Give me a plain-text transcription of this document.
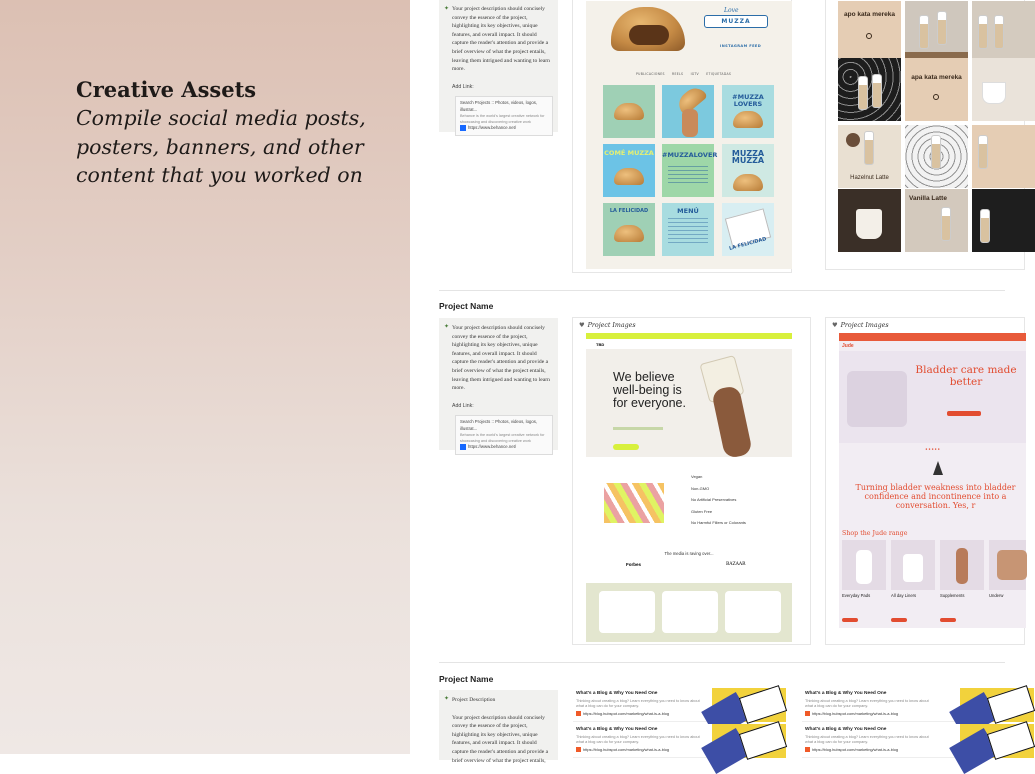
Creative Assets
Compile social media posts, posters, banners, and other content that you worked on
✦ Your project description should concisely convey the essence of the project, highlighting its key objectives, unique features, and overall impact. It should capture the reader's attention and provide a brief overview of what the project entails, leaving them intrigued and wanting to learn more.
Add Link:
Search Projects :: Photos, videos, logos, illustrat...
Behance is the world's largest creative network for showcasing and discovering creative work
https://www.behance.net/
Love
MUZZA
INSTAGRAM FEED
PUBLICACIONES REELS IGTV ETIQUETADAS
#MUZZA LOVERS
COMÉ MUZZA #MUZZALOVER	MUZZA MUZZA
LA FELICIDAD	MENÚ
LA FELICIDAD
apo kata mereka
apa kata mereka
Hazelnut Latte
Vanilla Latte
Project Name
✦ Your project description should concisely convey the essence of the project, highlighting its key objectives, unique features, and overall impact. It should capture the reader's attention and provide a brief overview of what the project entails, leaving them intrigued and wanting to learn more.
Add Link:
Search Projects :: Photos, videos, logos, illustrat...
Behance is the world's largest creative network for showcasing and discovering creative work
https://www.behance.net/
♥ Project Images
TBD
We believe well-being is for everyone.
Vegan
Non-GMO
No Artificial Preservatives
Gluten Free
No Harmful Fillers or Colorants
The media is raving over...
Forbes	BAZAAR
♥ Project Images
Jude
Bladder care made better
● ● ● ● ●
Turning bladder weakness into bladder confidence and incontinence into a conversation. Yes, r
Shop the Jude range
Everyday Pads	All day Liners	Supplements	Underw
Project Name
✦ Project Description
Your project description should concisely convey the essence of the project, highlighting its key objectives, unique features, and overall impact. It should capture the reader's attention and provide a brief overview of what the project entails,
What's a Blog & Why You Need One
Thinking about creating a blog? Learn everything you need to know about what a blog can do for your company.
https://blog.hubspot.com/marketing/what-is-a-blog
What's a Blog & Why You Need One
Thinking about creating a blog? Learn everything you need to know about what a blog can do for your company.
https://blog.hubspot.com/marketing/what-is-a-blog
What's a Blog & Why You Need One
Thinking about creating a blog? Learn everything you need to know about what a blog can do for your company.
https://blog.hubspot.com/marketing/what-is-a-blog
What's a Blog & Why You Need One
Thinking about creating a blog? Learn everything you need to know about what a blog can do for your company.
https://blog.hubspot.com/marketing/what-is-a-blog
